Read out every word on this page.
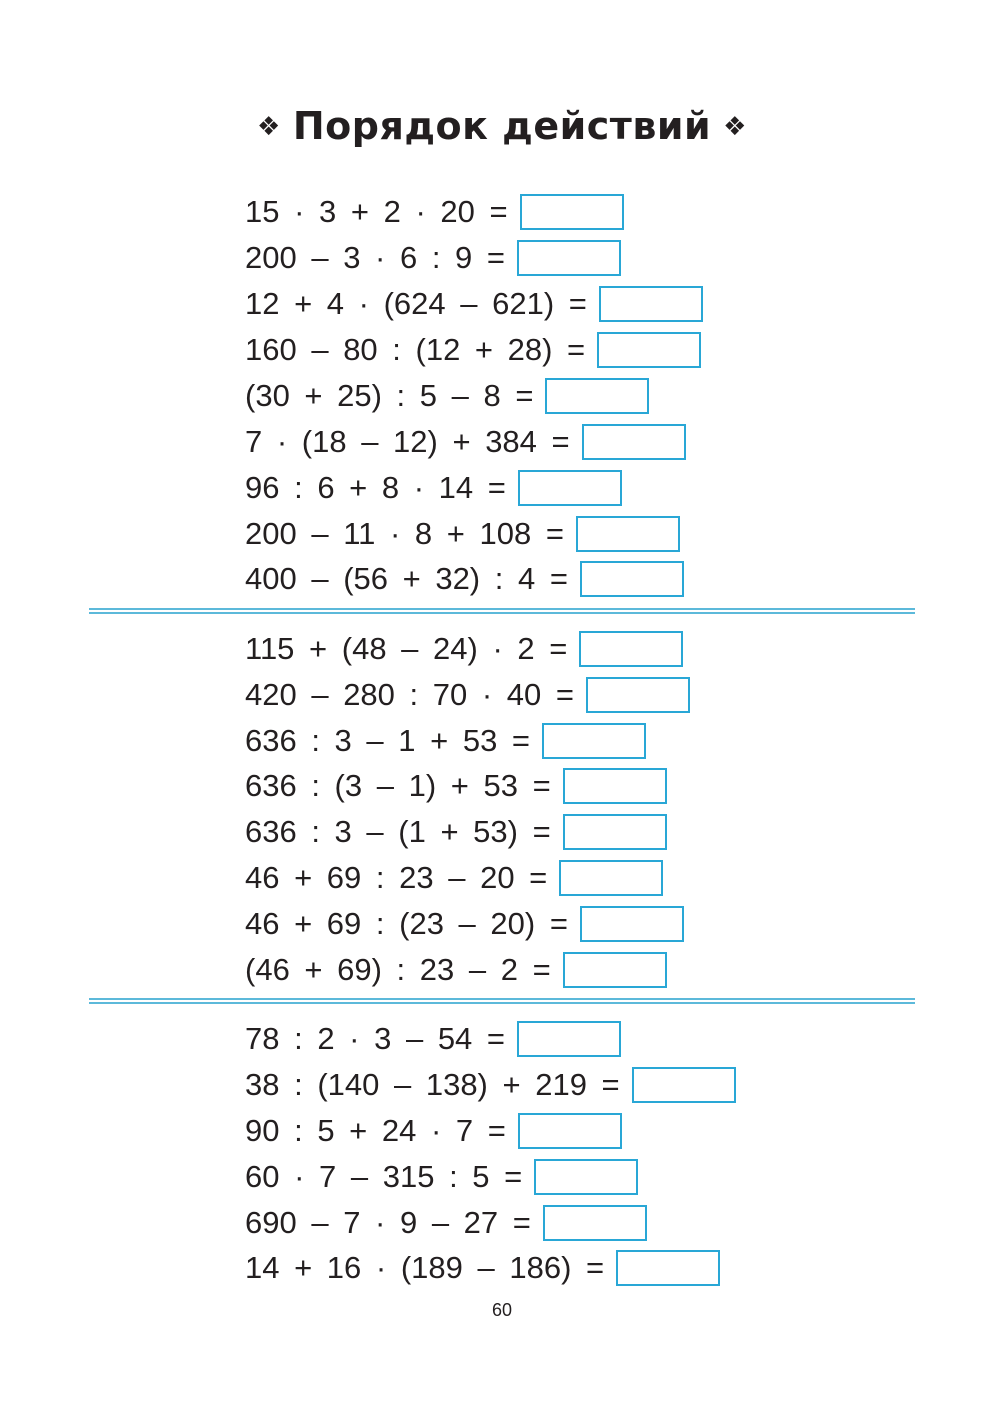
❖ Порядок действий ❖
15 · 3 + 2 · 20 =
200 – 3 · 6 : 9 =
12 + 4 · (624 – 621) =
160 – 80 : (12 + 28) =
(30 + 25) : 5 – 8 =
7 · (18 – 12) + 384 =
96 : 6 + 8 · 14 =
200 – 11 · 8 + 108 =
400 – (56 + 32) : 4 =
115 + (48 – 24) · 2 =
420 – 280 : 70 · 40 =
636 : 3 – 1 + 53 =
636 : (3 – 1) + 53 =
636 : 3 – (1 + 53) =
46 + 69 : 23 – 20 =
46 + 69 : (23 – 20) =
(46 + 69) : 23 – 2 =
78 : 2 · 3 – 54 =
38 : (140 – 138) + 219 =
90 : 5 + 24 · 7 =
60 · 7 – 315 : 5 =
690 – 7 · 9 – 27 =
14 + 16 · (189 – 186) =
60
